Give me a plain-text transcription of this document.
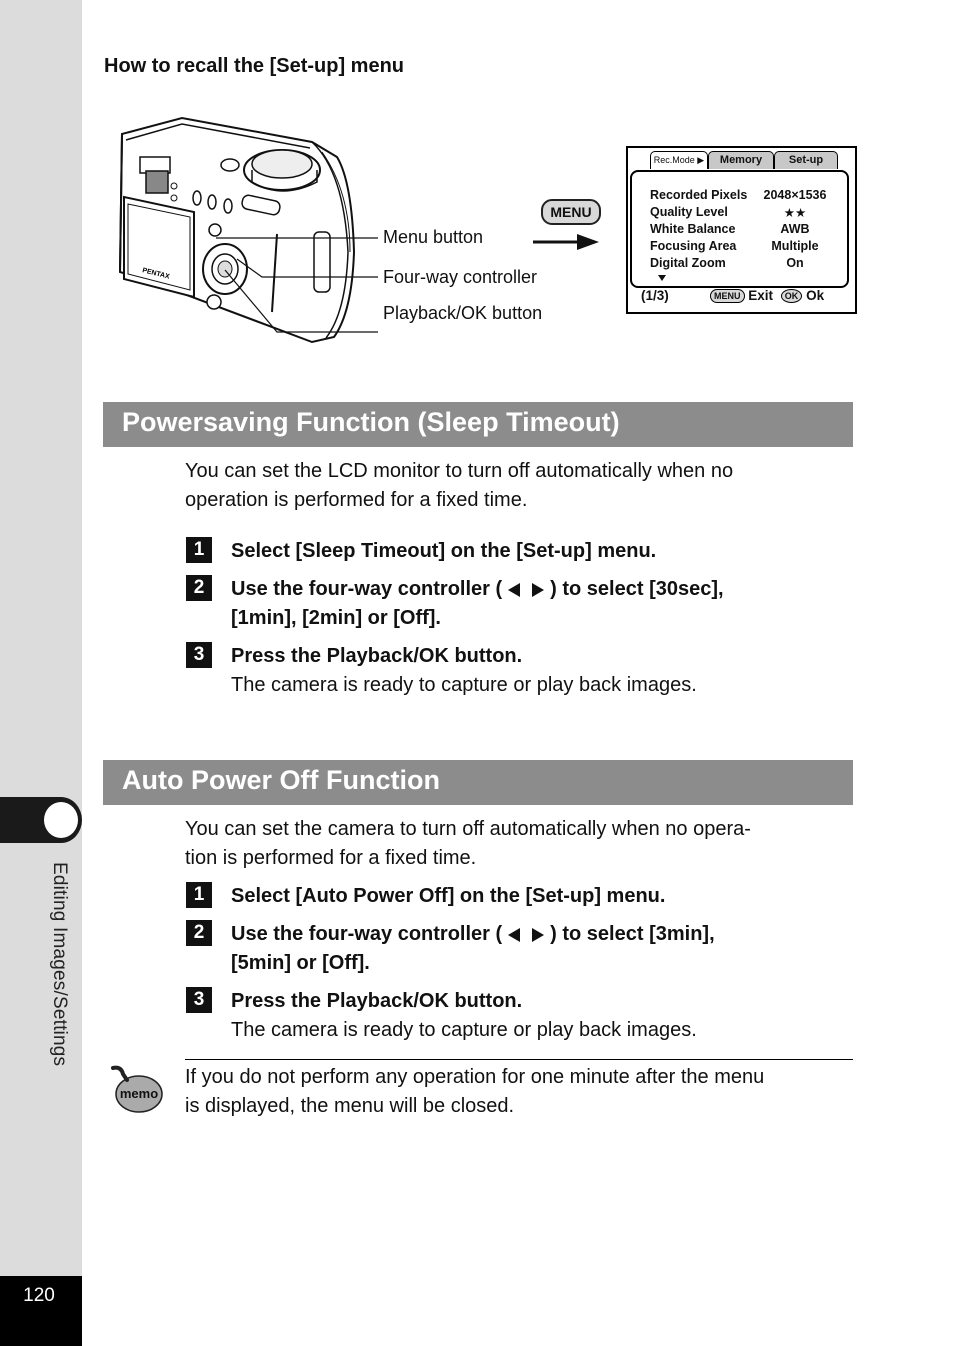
Editing Images/Settings
120
How to recall the [Set-up] menu
PENTAX
Menu button
Four-way controller
Playback/OK button
MENU
Rec.Mode ▶	Memory	Set-up
Recorded Pixels	2048×1536
Quality Level	★★
White Balance	AWB
Focusing Area	Multiple
Digital Zoom	On
(1/3)	MENU Exit OK Ok
Powersaving Function (Sleep Timeout)
You can set the LCD monitor to turn off automatically when no
operation is performed for a fixed time.
1	Select [Sleep Timeout] on the [Set-up] menu.
2	Use the four-way controller ( ) to select [30sec],
[1min], [2min] or [Off].
3	Press the Playback/OK button.
The camera is ready to capture or play back images.
Auto Power Off Function
You can set the camera to turn off automatically when no opera-
tion is performed for a fixed time.
1	Select [Auto Power Off] on the [Set-up] menu.
2	Use the four-way controller ( ) to select [3min],
[5min] or [Off].
3	Press the Playback/OK button.
The camera is ready to capture or play back images.
memo
If you do not perform any operation for one minute after the menu
is displayed, the menu will be closed.
